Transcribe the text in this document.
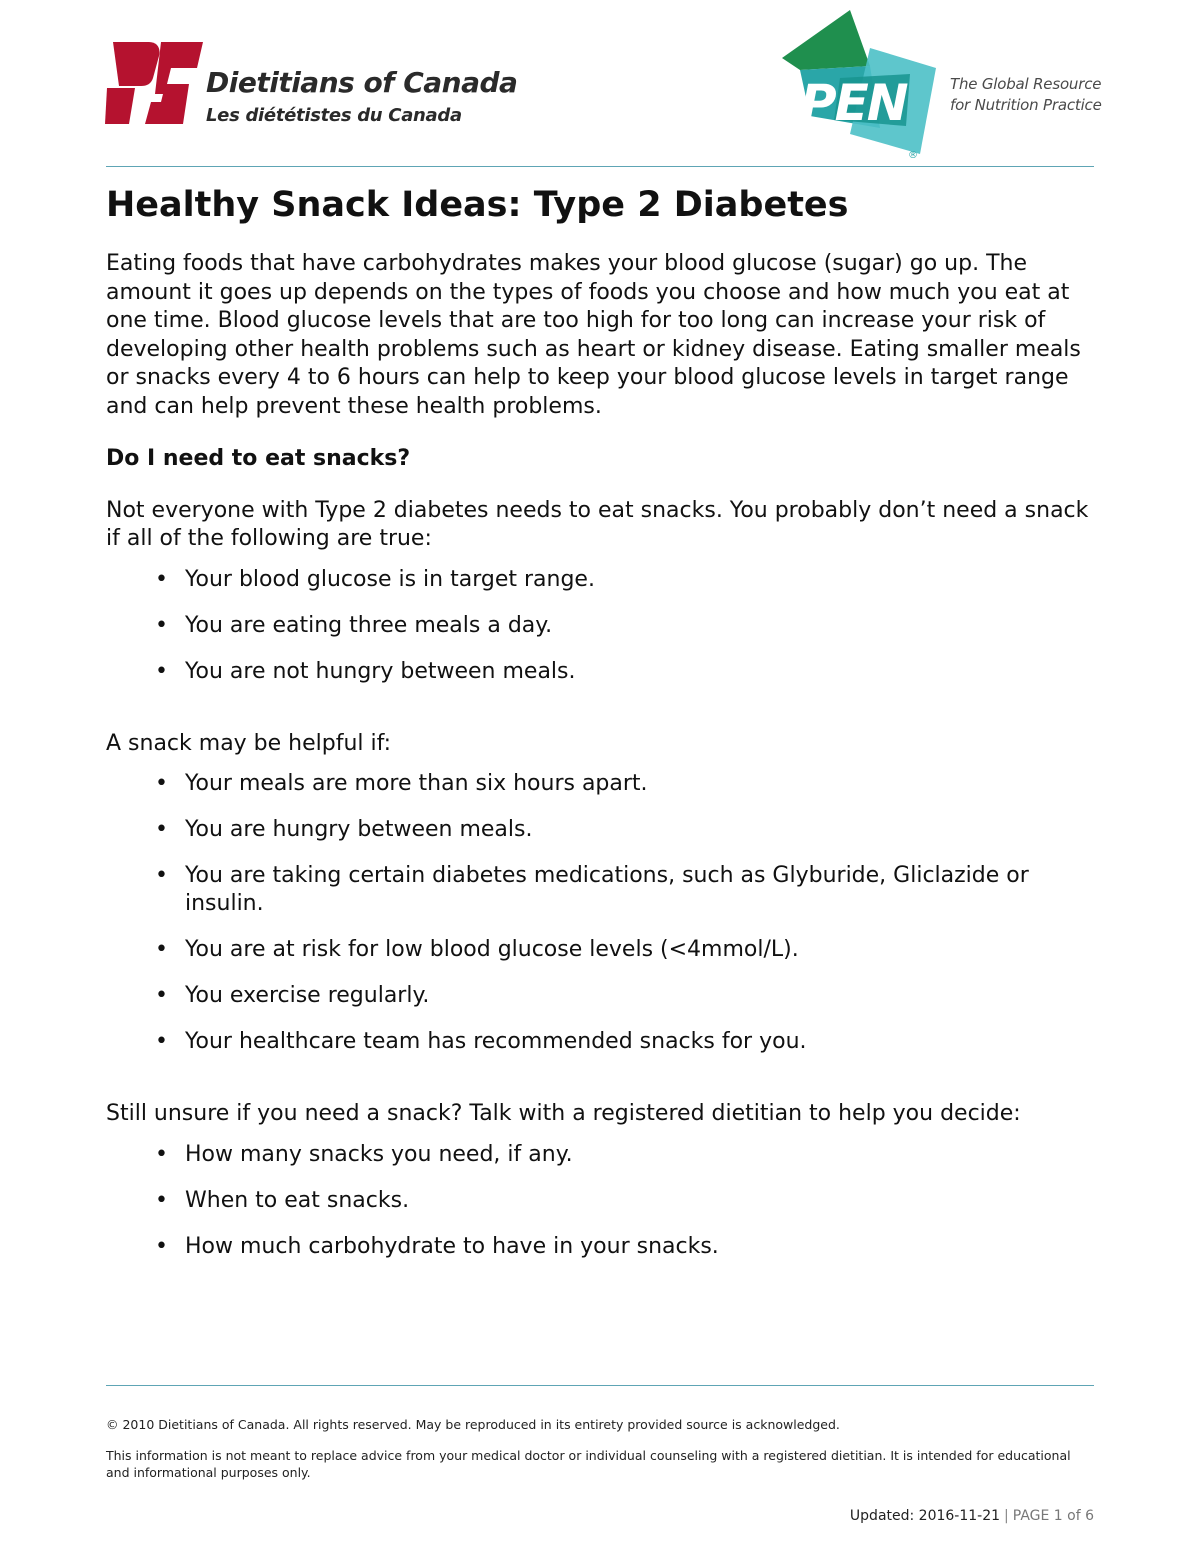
Dietitians of Canada
Les diététistes du Canada	PEN
®
The Global Resource
for Nutrition Practice
Healthy Snack Ideas: Type 2 Diabetes

Eating foods that have carbohydrates makes your blood glucose (sugar) go up. The amount it goes up depends on the types of foods you choose and how much you eat at one time. Blood glucose levels that are too high for too long can increase your risk of developing other health problems such as heart or kidney disease. Eating smaller meals or snacks every 4 to 6 hours can help to keep your blood glucose levels in target range and can help prevent these health problems.

Do I need to eat snacks?

Not everyone with Type 2 diabetes needs to eat snacks. You probably don’t need a snack if all of the following are true:

• Your blood glucose is in target range.
• You are eating three meals a day.
• You are not hungry between meals.

A snack may be helpful if:

• Your meals are more than six hours apart.
• You are hungry between meals.
• You are taking certain diabetes medications, such as Glyburide, Gliclazide or insulin.
• You are at risk for low blood glucose levels (<4mmol/L).
• You exercise regularly.
• Your healthcare team has recommended snacks for you.

Still unsure if you need a snack? Talk with a registered dietitian to help you decide:

• How many snacks you need, if any.
• When to eat snacks.
• How much carbohydrate to have in your snacks.
© 2010 Dietitians of Canada. All rights reserved. May be reproduced in its entirety provided source is acknowledged.
This information is not meant to replace advice from your medical doctor or individual counseling with a registered dietitian. It is intended for educational and informational purposes only.
Updated: 2016-11-21 | PAGE 1 of 6
